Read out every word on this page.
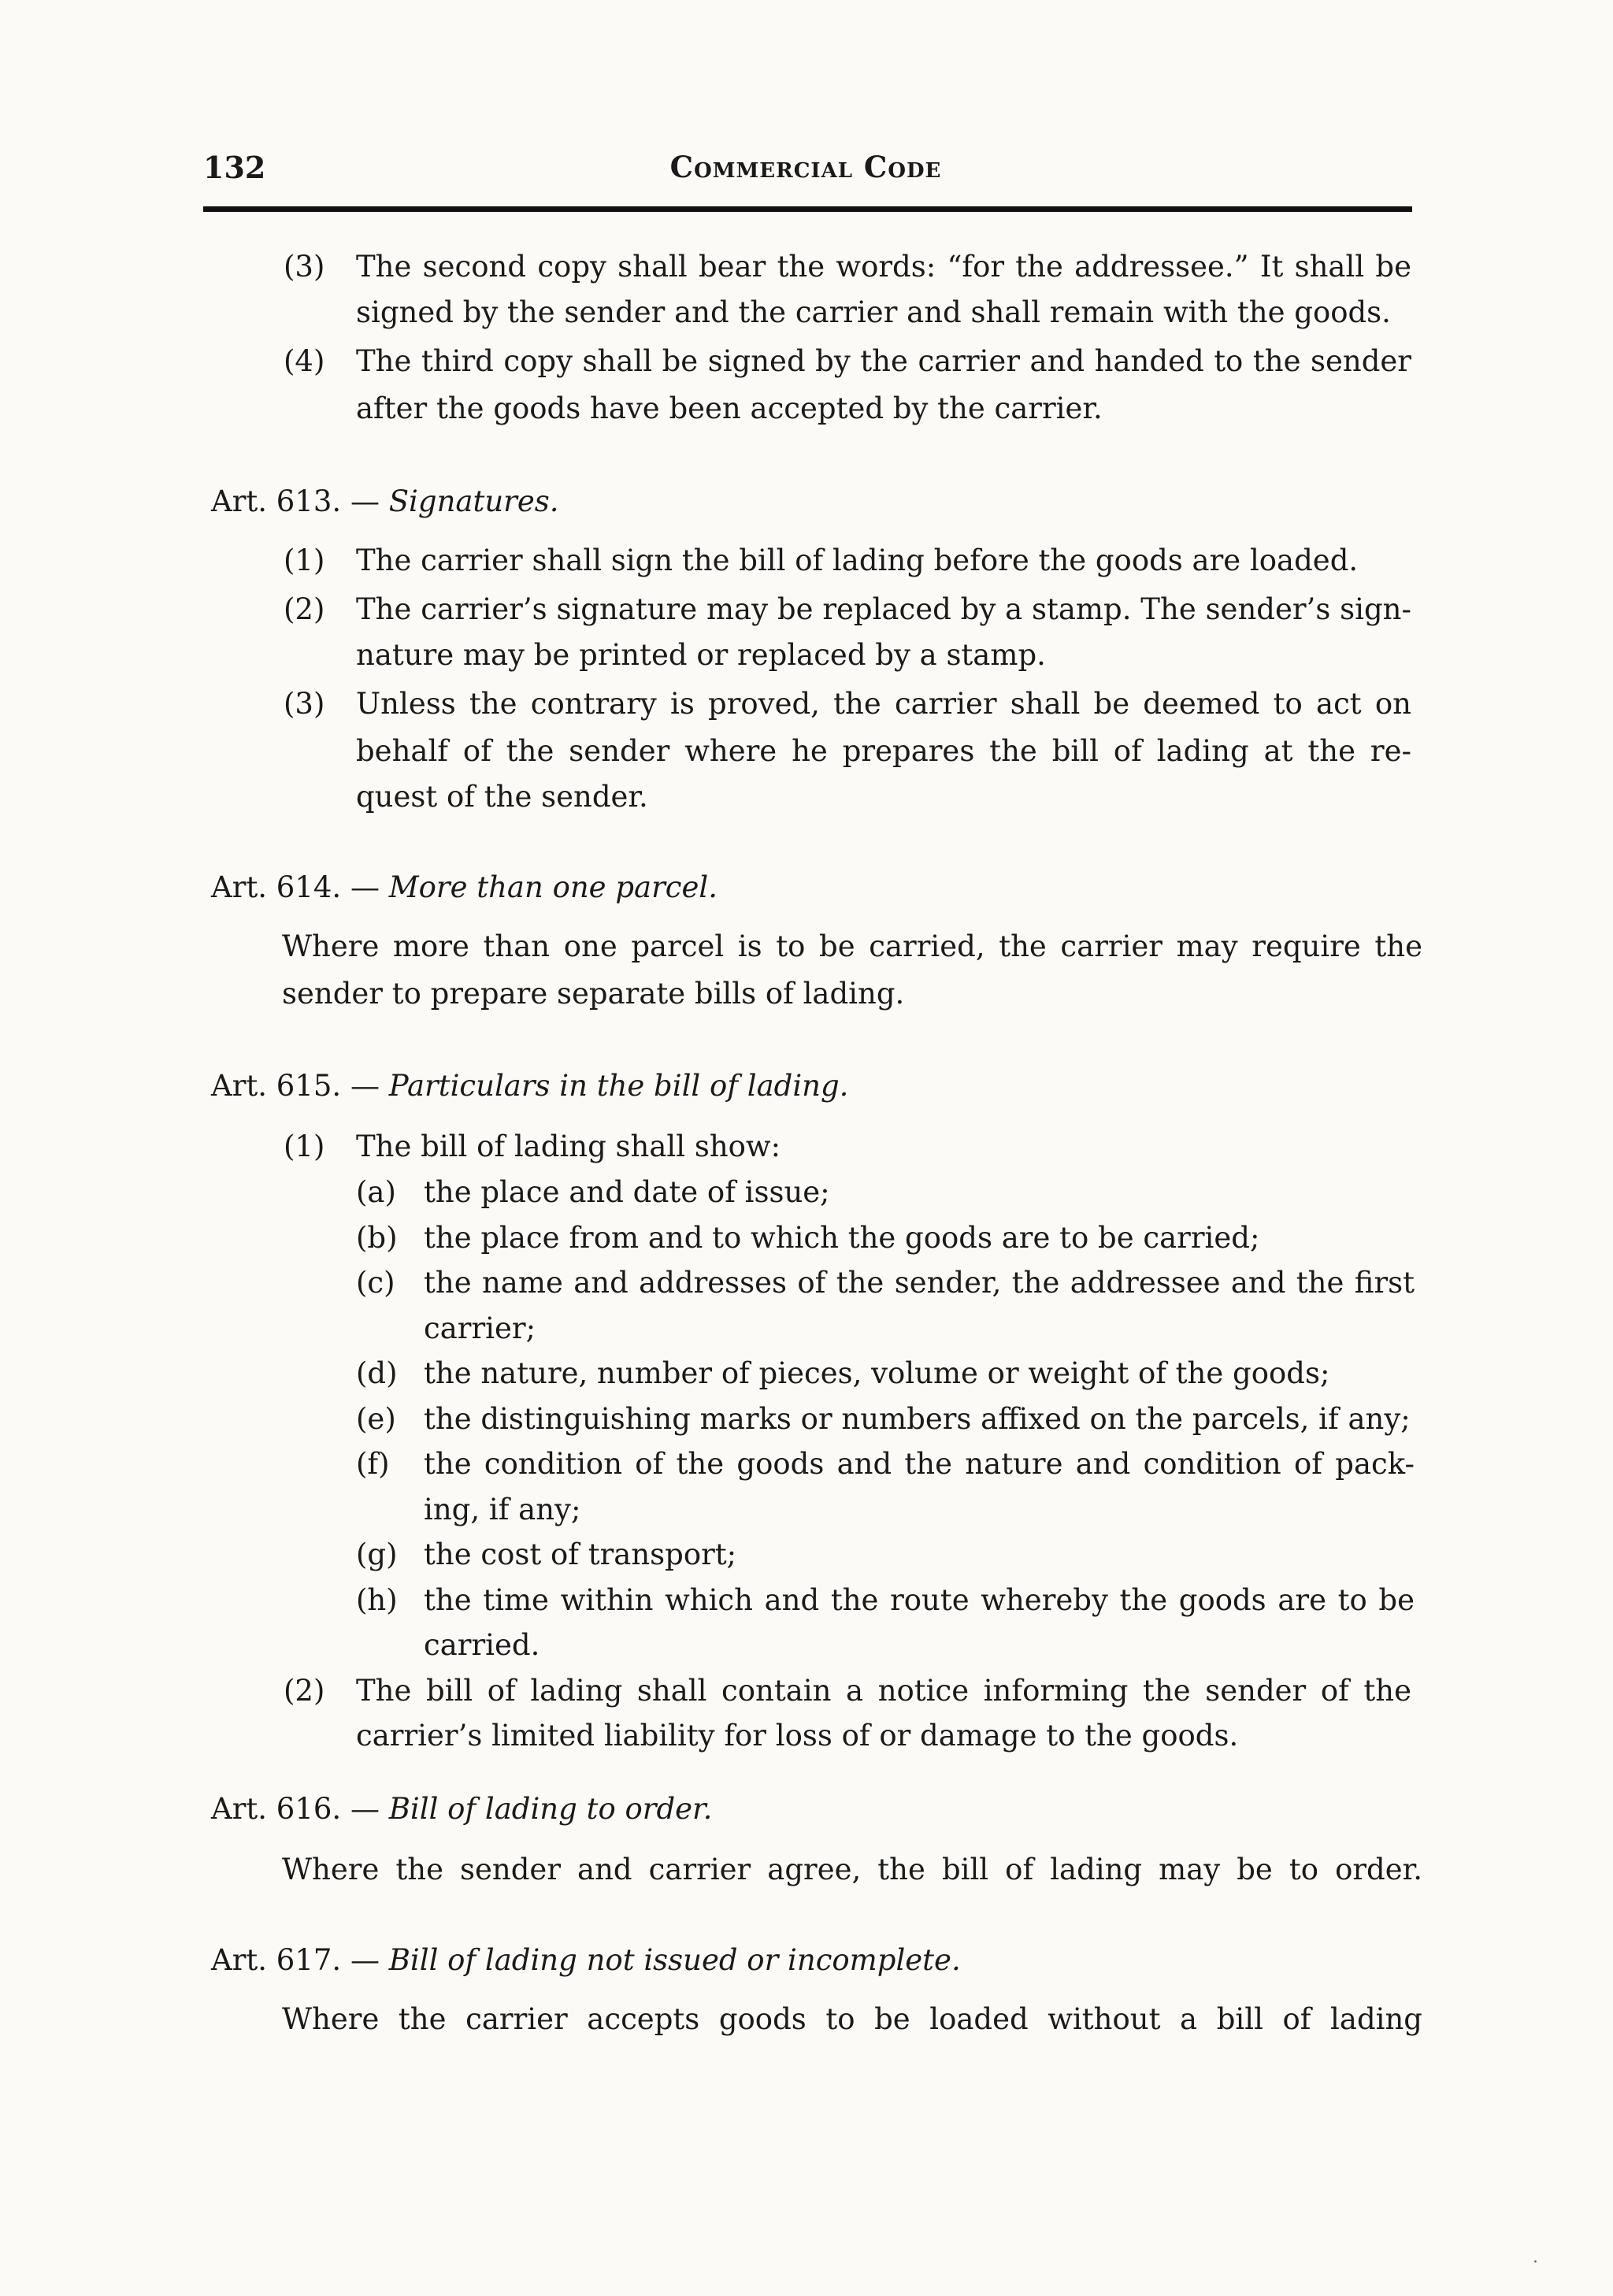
132	Commercial Code
(3) The second copy shall bear the words: “for the addressee.” It shall be
signed by the sender and the carrier and shall remain with the goods.
(4) The third copy shall be signed by the carrier and handed to the sender
after the goods have been accepted by the carrier.
Art. 613. — Signatures.
(1) The carrier shall sign the bill of lading before the goods are loaded.
(2) The carrier’s signature may be replaced by a stamp. The sender’s sign-
nature may be printed or replaced by a stamp.
(3) Unless the contrary is proved, the carrier shall be deemed to act on
behalf of the sender where he prepares the bill of lading at the re-
quest of the sender.
Art. 614. — More than one parcel.
Where more than one parcel is to be carried, the carrier may require the
sender to prepare separate bills of lading.
Art. 615. — Particulars in the bill of lading.
(1) The bill of lading shall show:
(a) the place and date of issue;
(b) the place from and to which the goods are to be carried;
(c) the name and addresses of the sender, the addressee and the first
carrier;
(d) the nature, number of pieces, volume or weight of the goods;
(e) the distinguishing marks or numbers affixed on the parcels, if any;
(f) the condition of the goods and the nature and condition of pack-
ing, if any;
(g) the cost of transport;
(h) the time within which and the route whereby the goods are to be
carried.
(2) The bill of lading shall contain a notice informing the sender of the
carrier’s limited liability for loss of or damage to the goods.
Art. 616. — Bill of lading to order.
Where the sender and carrier agree, the bill of lading may be to order.
Art. 617. — Bill of lading not issued or incomplete.
Where the carrier accepts goods to be loaded without a bill of lading
·
